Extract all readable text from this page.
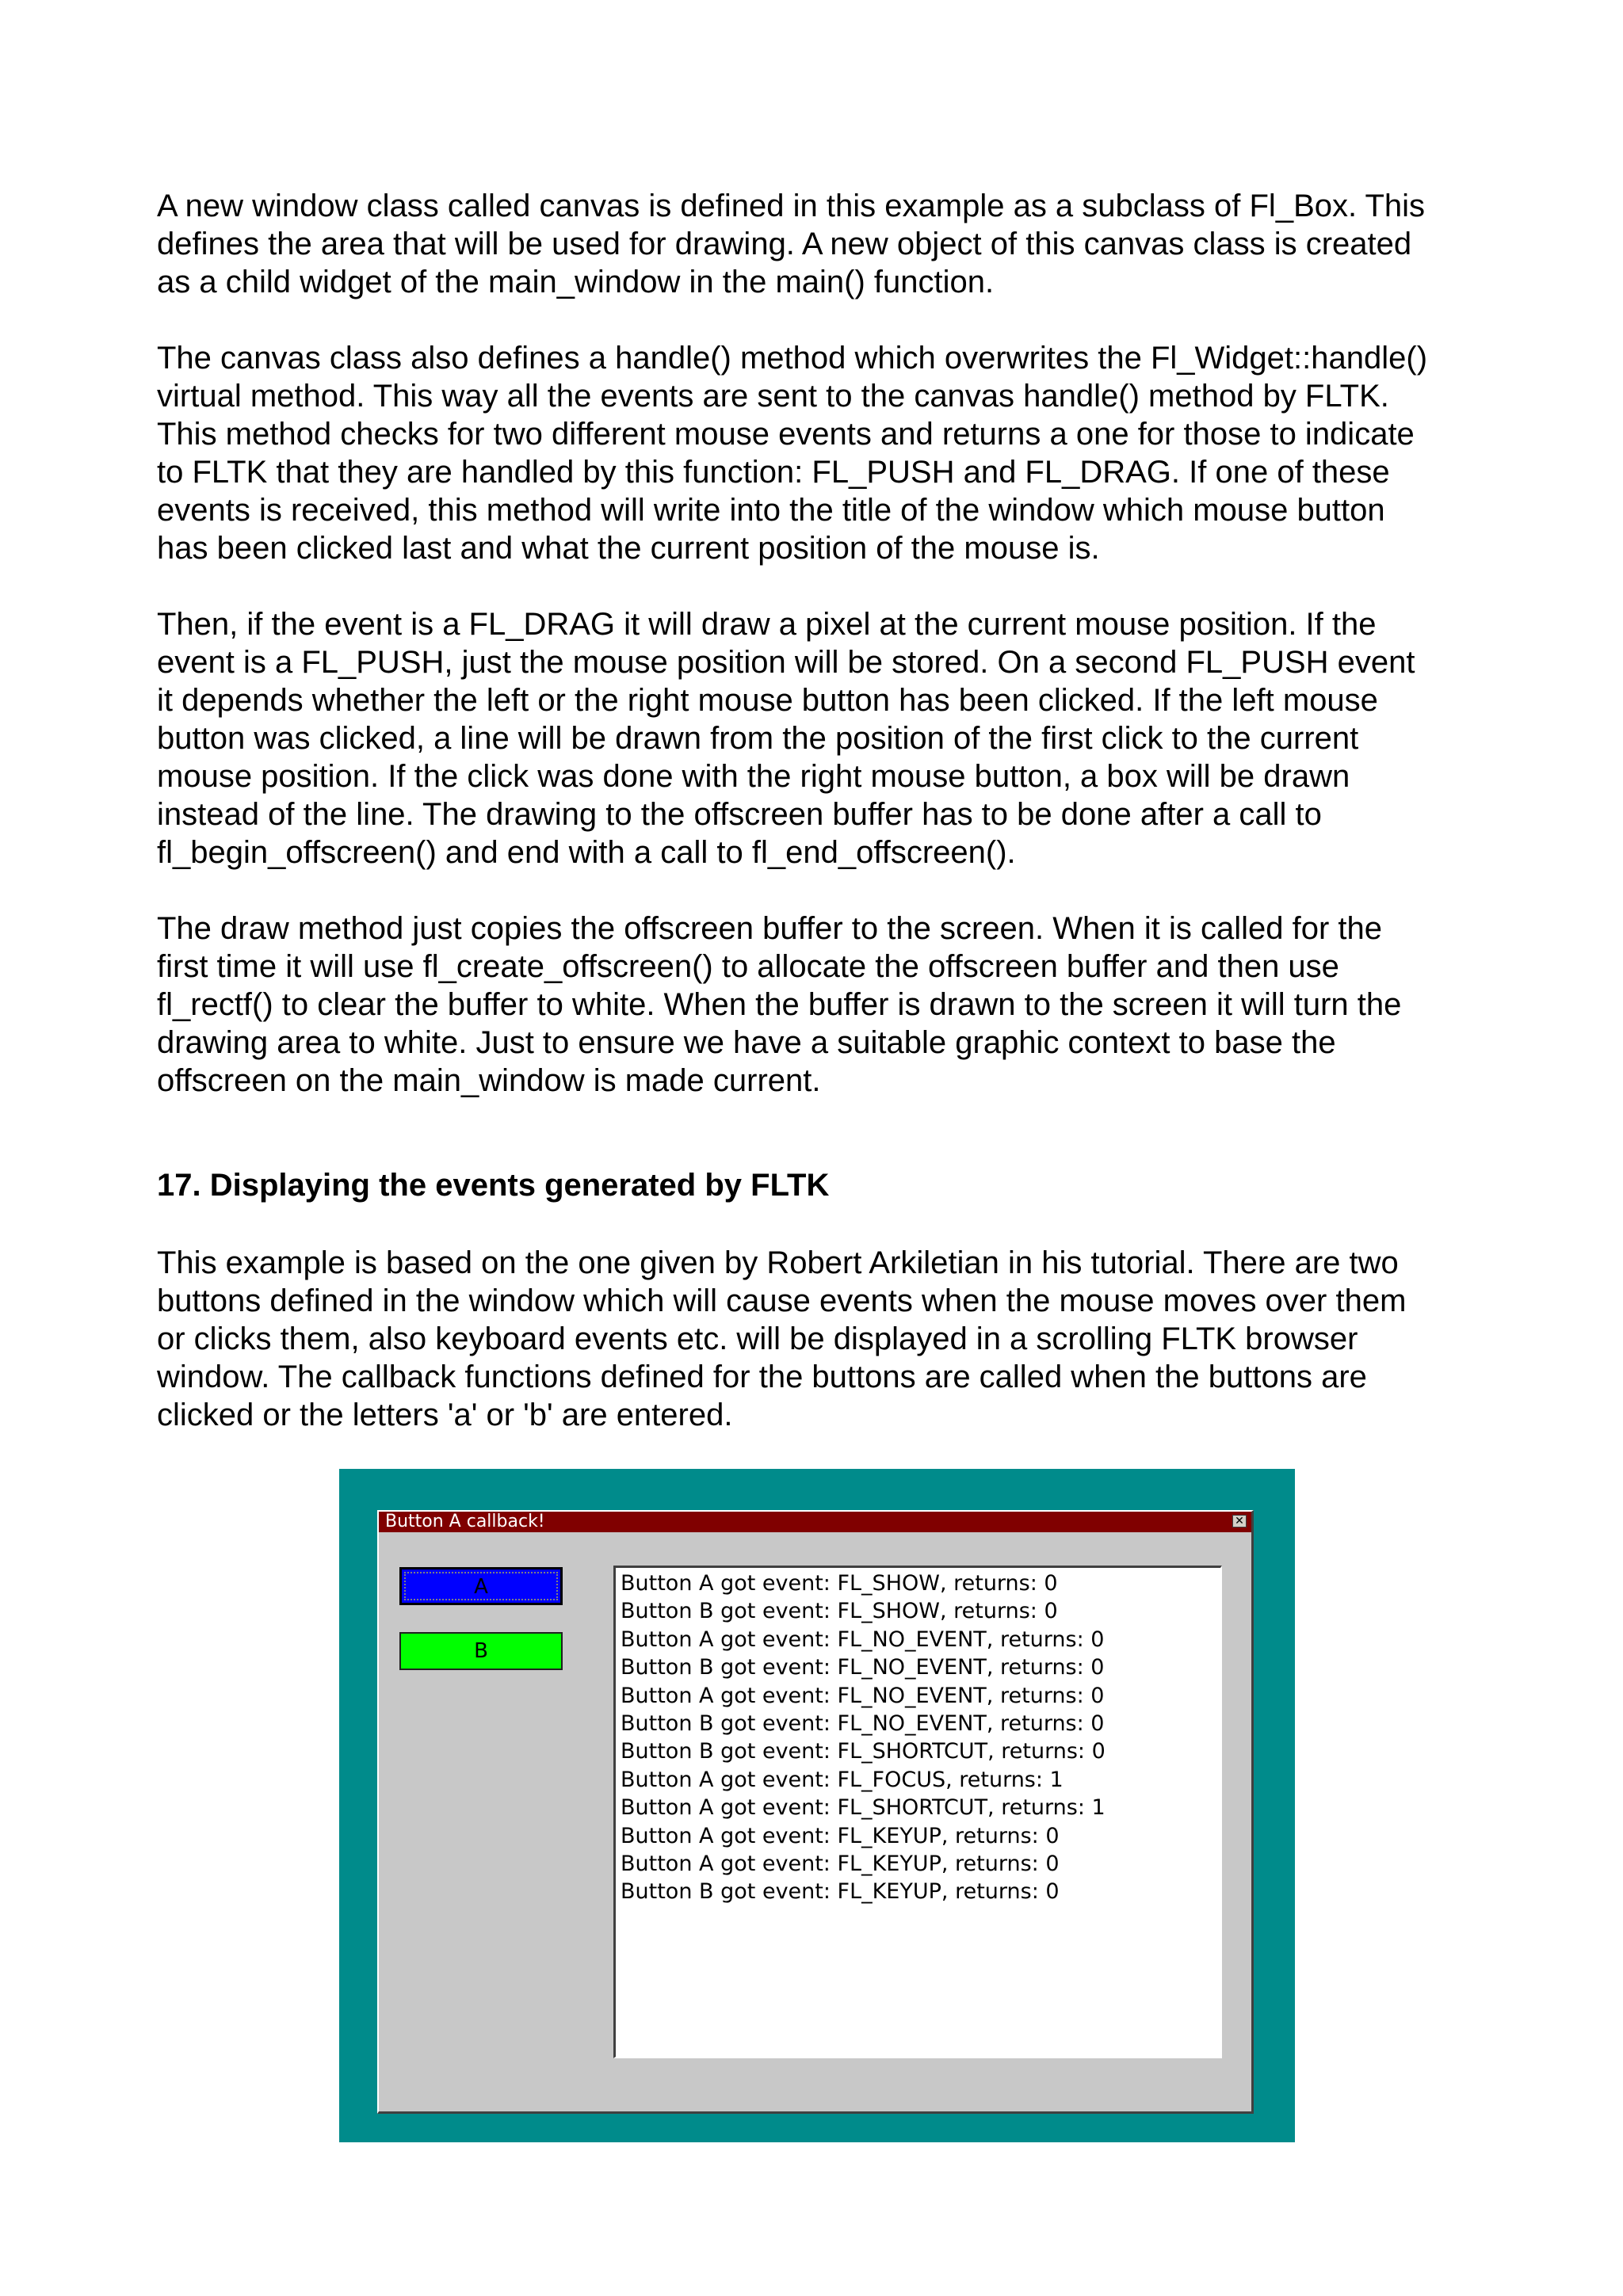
A new window class called canvas is defined in this example as a subclass of Fl_Box. This
defines the area that will be used for drawing. A new object of this canvas class is created
as a child widget of the main_window in the main() function.
The canvas class also defines a handle() method which overwrites the Fl_Widget::handle()
virtual method. This way all the events are sent to the canvas handle() method by FLTK.
This method checks for two different mouse events and returns a one for those to indicate
to FLTK that they are handled by this function: FL_PUSH and FL_DRAG. If one of these
events is received, this method will write into the title of the window which mouse button
has been clicked last and what the current position of the mouse is.
Then, if the event is a FL_DRAG it will draw a pixel at the current mouse position. If the
event is a FL_PUSH, just the mouse position will be stored. On a second FL_PUSH event
it depends whether the left or the right mouse button has been clicked. If the left mouse
button was clicked, a line will be drawn from the position of the first click to the current
mouse position. If the click was done with the right mouse button, a box will be drawn
instead of the line. The drawing to the offscreen buffer has to be done after a call to
fl_begin_offscreen() and end with a call to fl_end_offscreen().
The draw method just copies the offscreen buffer to the screen. When it is called for the
first time it will use fl_create_offscreen() to allocate the offscreen buffer and then use
fl_rectf() to clear the buffer to white. When the buffer is drawn to the screen it will turn the
drawing area to white. Just to ensure we have a suitable graphic context to base the
offscreen on the main_window is made current.
17. Displaying the events generated by FLTK
This example is based on the one given by Robert Arkiletian in his tutorial. There are two
buttons defined in the window which will cause events when the mouse moves over them
or clicks them, also keyboard events etc. will be displayed in a scrolling FLTK browser
window. The callback functions defined for the buttons are called when the buttons are
clicked or the letters 'a' or 'b' are entered.
Button A callback!	✕
A
B
Button A got event: FL_SHOW, returns: 0
Button B got event: FL_SHOW, returns: 0
Button A got event: FL_NO_EVENT, returns: 0
Button B got event: FL_NO_EVENT, returns: 0
Button A got event: FL_NO_EVENT, returns: 0
Button B got event: FL_NO_EVENT, returns: 0
Button B got event: FL_SHORTCUT, returns: 0
Button A got event: FL_FOCUS, returns: 1
Button A got event: FL_SHORTCUT, returns: 1
Button A got event: FL_KEYUP, returns: 0
Button A got event: FL_KEYUP, returns: 0
Button B got event: FL_KEYUP, returns: 0
